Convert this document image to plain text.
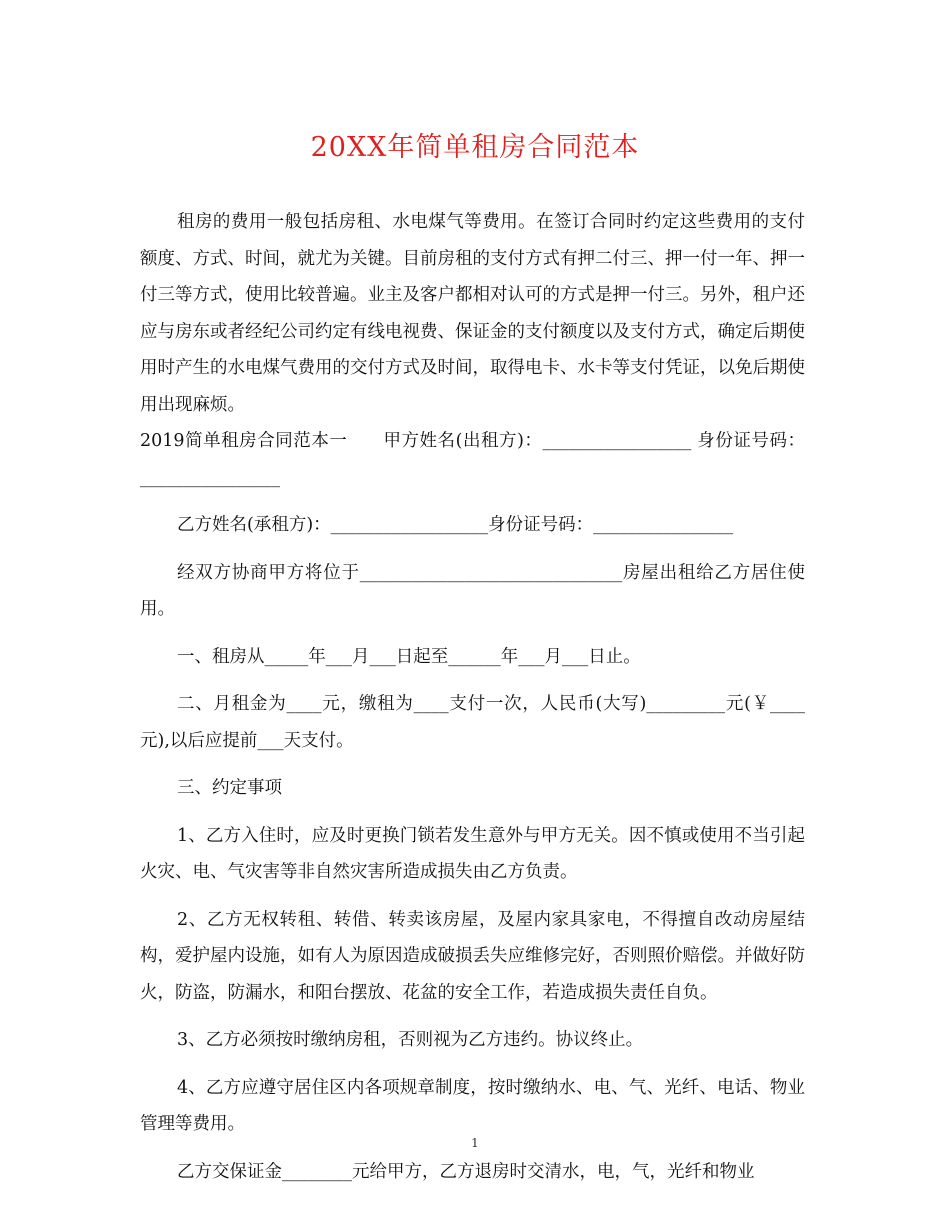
20XX年简单租房合同范本

租房的费用一般包括房租、水电煤气等费用。在签订合同时约定这些费用的支付额度、方式、时间，就尤为关键。目前房租的支付方式有押二付三、押一付一年、押一付三等方式，使用比较普遍。业主及客户都相对认可的方式是押一付三。另外，租户还应与房东或者经纪公司约定有线电视费、保证金的支付额度以及支付方式，确定后期使用时产生的水电煤气费用的交付方式及时间，取得电卡、水卡等支付凭证，以免后期使用出现麻烦。

2019简单租房合同范本一　　甲方姓名(出租方)：_________________ 身份证号码：________________

乙方姓名(承租方)：__________________身份证号码：________________

经双方协商甲方将位于______________________________房屋出租给乙方居住使用。

一、租房从_____年___月___日起至______年___月___日止。

二、月租金为____元，缴租为____支付一次，人民币(大写)_________元(￥____元),以后应提前___天支付。

三、约定事项

1、乙方入住时，应及时更换门锁若发生意外与甲方无关。因不慎或使用不当引起火灾、电、气灾害等非自然灾害所造成损失由乙方负责。

2、乙方无权转租、转借、转卖该房屋，及屋内家具家电，不得擅自改动房屋结构，爱护屋内设施，如有人为原因造成破损丢失应维修完好，否则照价赔偿。并做好防火，防盗，防漏水，和阳台摆放、花盆的安全工作，若造成损失责任自负。

3、乙方必须按时缴纳房租，否则视为乙方违约。协议终止。

4、乙方应遵守居住区内各项规章制度，按时缴纳水、电、气、光纤、电话、物业管理等费用。

乙方交保证金________元给甲方，乙方退房时交清水，电，气，光纤和物业

1
